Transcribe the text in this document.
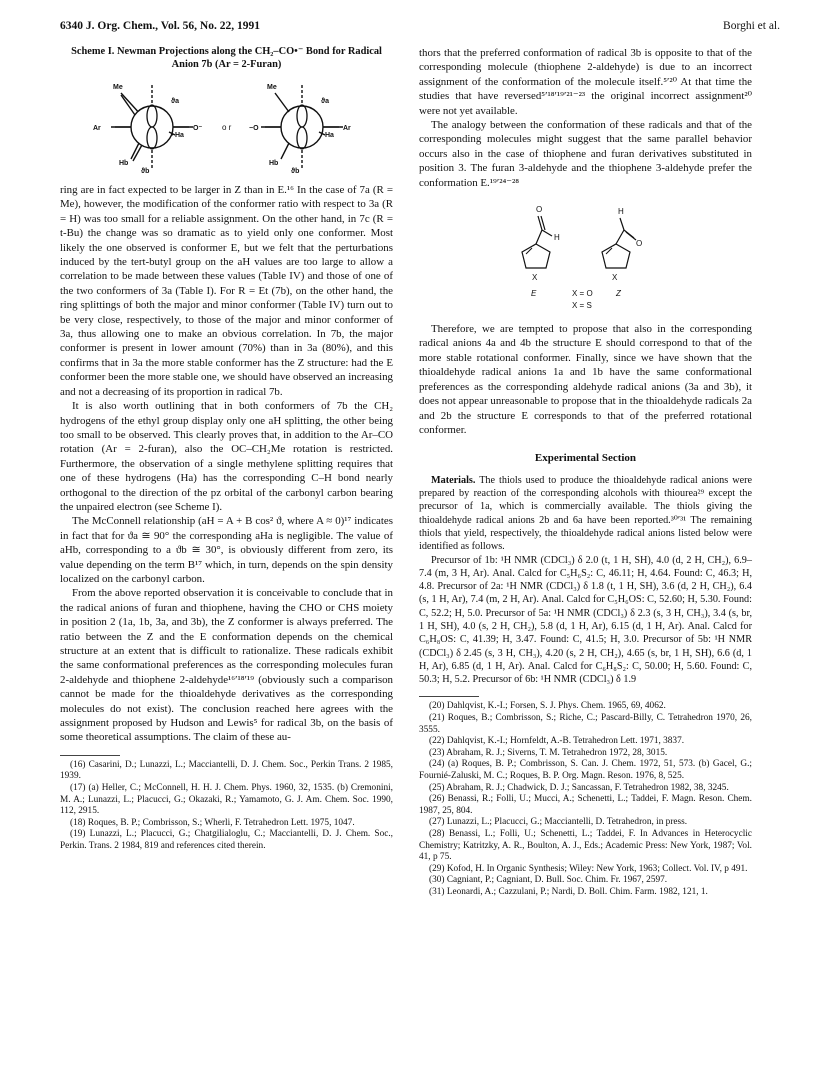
6340 J. Org. Chem., Vol. 56, No. 22, 1991	Borghi et al.
Scheme I. Newman Projections along the CH₂–CO•⁻ Bond for Radical Anion 7b (Ar = 2-Furan)
Me
Ar	O⁻
Ha
Hb
ϑa
ϑb
o r
Me
−O	Ar
Ha
Hb
ϑa
ϑb

ring are in fact expected to be larger in Z than in E.¹⁶ In the case of 7a (R = Me), however, the modification of the conformer ratio with respect to 3a (R = H) was too small for a reliable assignment. On the other hand, in 7c (R = t-Bu) the change was so dramatic as to yield only one conformer. Most likely the one observed is conformer E, but we felt that the perturbations induced by the tert-butyl group on the aH values are too large to allow a correlation to be made between these values (Table IV) and those of one of the two conformers of 3a (Table I). For R = Et (7b), on the other hand, the ring splittings of both the major and minor conformer (Table IV) turn out to be very close, respectively, to those of the major and minor conformer of 3a, thus allowing one to make an obvious correlation. In 7b, the major conformer is present in lower amount (70%) than in 3a (80%), and this confirms that in 3a the more stable conformer has the Z structure: had the E conformer been the more stable one, we should have observed an increasing and not a decreasing of its proportion in radical 7b.

It is also worth outlining that in both conformers of 7b the CH₂ hydrogens of the ethyl group display only one aH splitting, the other being too small to be observed. This clearly proves that, in addition to the Ar–CO rotation (Ar = 2-furan), also the OC–CH₂Me rotation is restricted. Furthermore, the observation of a single methylene splitting requires that one of these hydrogens (Ha) has the corresponding C–H bond nearly orthogonal to the direction of the pz orbital of the carbonyl carbon bearing the unpaired electron (see Scheme I).

The McConnell relationship (aH = A + B cos² ϑ, where A ≈ 0)¹⁷ indicates in fact that for ϑa ≅ 90° the corresponding aHa is negligible. The value of aHb, corresponding to a ϑb ≅ 30°, is obviously different from zero, its value depending on the term B¹⁷ which, in turn, depends on the spin density localized on the carbonyl carbon.

From the above reported observation it is conceivable to conclude that in the radical anions of furan and thiophene, having the CHO or CHS moiety in position 2 (1a, 1b, 3a, and 3b), the Z conformer is always preferred. The ratio between the Z and the E conformation depends on the chemical structure at an extent that is difficult to rationalize. These radicals exhibit the same conformational preferences as the corresponding molecules furan 2-aldehyde and thiophene 2-aldehyde¹⁶ʹ¹⁸ʹ¹⁹ (obviously such a comparison cannot be made for the thioaldehyde derivatives as the corresponding molecules do not exist). The conclusion reached here agrees with the assignment proposed by Hudson and Lewis⁵ for radical 3b, on the basis of some theoretical assumptions. The claim of these au-

(16) Casarini, D.; Lunazzi, L.; Macciantelli, D. J. Chem. Soc., Perkin Trans. 2 1985, 1939.

(17) (a) Heller, C.; McConnell, H. H. J. Chem. Phys. 1960, 32, 1535. (b) Cremonini, M. A.; Lunazzi, L.; Placucci, G.; Okazaki, R.; Yamamoto, G. J. Am. Chem. Soc. 1990, 112, 2915.

(18) Roques, B. P.; Combrisson, S.; Wherli, F. Tetrahedron Lett. 1975, 1047.

(19) Lunazzi, L.; Placucci, G.; Chatgilialoglu, C.; Macciantelli, D. J. Chem. Soc., Perkin. Trans. 2 1984, 819 and references cited therein.

thors that the preferred conformation of radical 3b is opposite to that of the corresponding molecule (thiophene 2-aldehyde) is due to an incorrect assignment of the conformation of the molecule itself.⁵ʹ²⁰ At that time the studies that have reversed⁵ʹ¹⁸ʹ¹⁹ʹ²¹⁻²³ the original incorrect assignment²⁰ were not yet available.

The analogy between the conformation of these radicals and that of the corresponding molecules might suggest that the same parallel behavior occurs also in the case of thiophene and furan derivatives substituted in position 3. The furan 3-aldehyde and the thiophene 3-aldehyde prefer the conformation E.¹⁹ʹ²⁴⁻²⁸

O
H
X
E
H
O
X
Z
X = O
X = S

Therefore, we are tempted to propose that also in the corresponding radical anions 4a and 4b the structure E should correspond to that of the more stable rotational conformer. Finally, since we have shown that the thioaldehyde radical anions 1a and 1b have the same conformational preferences as the corresponding aldehyde radical anions (3a and 3b), it does not appear unreasonable to propose that in the thioaldehyde radicals 2a and 2b the structure E corresponds to that of the preferred rotational conformer.

Experimental Section

Materials. The thiols used to produce the thioaldehyde radical anions were prepared by reaction of the corresponding alcohols with thiourea²⁹ except the precursor of 1a, which is commercially available. The thiols giving the thioaldehyde radical anions 2b and 6a have been reported.³⁰ʹ³¹ The remaining thiols that yield, respectively, the thioaldehyde radical anions listed below were identified as follows.

Precursor of 1b: ¹H NMR (CDCl₃) δ 2.0 (t, 1 H, SH), 4.0 (d, 2 H, CH₂), 6.9–7.4 (m, 3 H, Ar). Anal. Calcd for C₅H₆S₂: C, 46.11; H, 4.64. Found: C, 46.3; H, 4.8. Precursor of 2a: ¹H NMR (CDCl₃) δ 1.8 (t, 1 H, SH), 3.6 (d, 2 H, CH₂), 6.4 (s, 1 H, Ar), 7.4 (m, 2 H, Ar). Anal. Calcd for C₅H₆OS: C, 52.60; H, 5.30. Found: C, 52.2; H, 5.0. Precursor of 5a: ¹H NMR (CDCl₃) δ 2.3 (s, 3 H, CH₃), 3.4 (s, br, 1 H, SH), 4.0 (s, 2 H, CH₂), 5.8 (d, 1 H, Ar), 6.15 (d, 1 H, Ar). Anal. Calcd for C₆H₈OS: C, 41.39; H, 3.47. Found: C, 41.5; H, 3.0. Precursor of 5b: ¹H NMR (CDCl₃) δ 2.45 (s, 3 H, CH₃), 4.20 (s, 2 H, CH₂), 4.65 (s, br, 1 H, SH), 6.6 (d, 1 H, Ar), 6.85 (d, 1 H, Ar). Anal. Calcd for C₆H₈S₂: C, 50.00; H, 5.60. Found: C, 50.3; H, 5.2. Precursor of 6b: ¹H NMR (CDCl₃) δ 1.9

(20) Dahlqvist, K.-I.; Forsen, S. J. Phys. Chem. 1965, 69, 4062.

(21) Roques, B.; Combrisson, S.; Riche, C.; Pascard-Billy, C. Tetrahedron 1970, 26, 3555.

(22) Dahlqvist, K.-I.; Hornfeldt, A.-B. Tetrahedron Lett. 1971, 3837.

(23) Abraham, R. J.; Siverns, T. M. Tetrahedron 1972, 28, 3015.

(24) (a) Roques, B. P.; Combrisson, S. Can. J. Chem. 1972, 51, 573. (b) Gacel, G.; Fournié-Zaluski, M. C.; Roques, B. P. Org. Magn. Reson. 1976, 8, 525.

(25) Abraham, R. J.; Chadwick, D. J.; Sancassan, F. Tetrahedron 1982, 38, 3245.

(26) Benassi, R.; Folli, U.; Mucci, A.; Schenetti, L.; Taddei, F. Magn. Reson. Chem. 1987, 25, 804.

(27) Lunazzi, L.; Placucci, G.; Macciantelli, D. Tetrahedron, in press.

(28) Benassi, L.; Folli, U.; Schenetti, L.; Taddei, F. In Advances in Heterocyclic Chemistry; Katritzky, A. R., Boulton, A. J., Eds.; Academic Press: New York, 1987; Vol. 41, p 75.

(29) Kofod, H. In Organic Synthesis; Wiley: New York, 1963; Collect. Vol. IV, p 491.

(30) Cagniant, P.; Cagniant, D. Bull. Soc. Chim. Fr. 1967, 2597.

(31) Leonardi, A.; Cazzulani, P.; Nardi, D. Boll. Chim. Farm. 1982, 121, 1.
